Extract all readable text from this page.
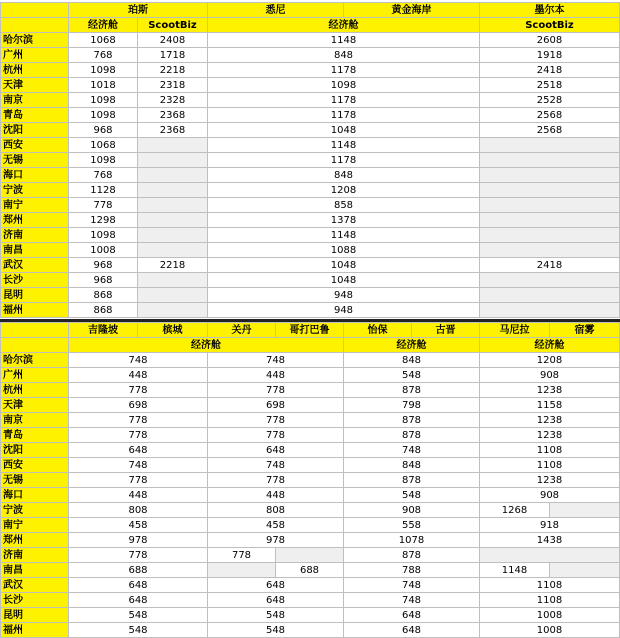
	珀斯		悉尼	黄金海岸	墨尔本
	经济舱	ScootBiz	经济舱		ScootBiz
哈尔滨	1068	2408	1148		2608
广州	768	1718	848		1918
杭州	1098	2218	1178		2418
天津	1018	2318	1098		2518
南京	1098	2328	1178		2528
青岛	1098	2368	1178		2568
沈阳	968	2368	1048		2568
西安	1068		1148		
无锡	1098		1178		
海口	768		848		
宁波	1128		1208		
南宁	778		858		
郑州	1298		1378		
济南	1098		1148		
南昌	1008		1088		
武汉	968	2218	1048		2418
长沙	968		1048		
昆明	868		948		
福州	868		948		
	吉隆坡	槟城	关丹	哥打巴鲁	怡保	古晋	马尼拉	宿雾
	经济舱				经济舱		经济舱	
哈尔滨	748		748		848		1208	
广州	448		448		548		908	
杭州	778		778		878		1238	
天津	698		698		798		1158	
南京	778		778		878		1238	
青岛	778		778		878		1238	
沈阳	648		648		748		1108	
西安	748		748		848		1108	
无锡	778		778		878		1238	
海口	448		448		548		908	
宁波	808		808		908		1268	
南宁	458		458		558		918	
郑州	978		978		1078		1438	
济南	778		778		878			
南昌	688			688	788		1148	
武汉	648		648		748		1108	
长沙	648		648		748		1108	
昆明	548		548		648		1008	
福州	548		548		648		1008	
